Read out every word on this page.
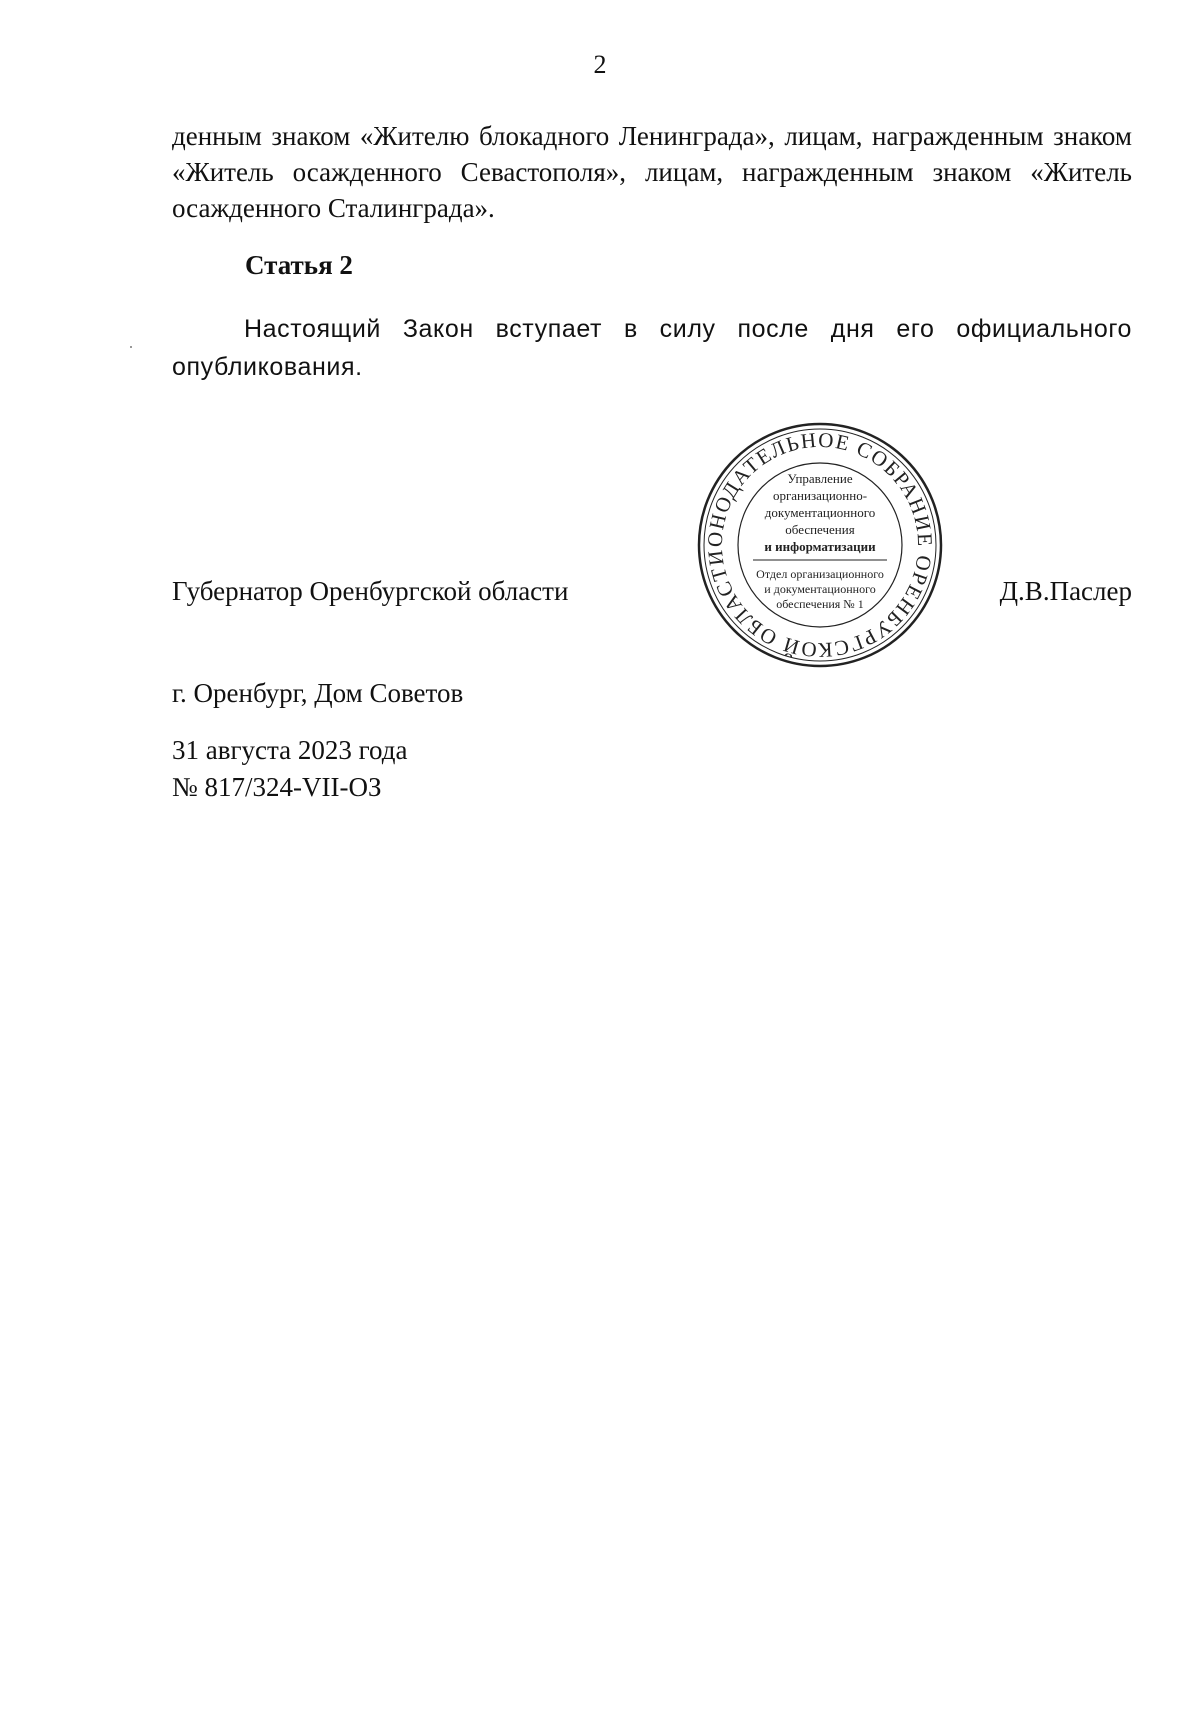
2

денным знаком «Жителю блокадного Ленинграда», лицам, награжденным знаком «Житель осажденного Севастополя», лицам, награжденным знаком «Житель осажденного Сталинграда».

Статья 2

Настоящий Закон вступает в силу после дня его официального опубликования.

Губернатор Оренбургской области	Д.В.Паслер
ОНОДАТЕЛЬНОЕ СОБРАНИЕ ОРЕНБУРГСКОЙ ОБЛАСТИ
Управление
организационно-
документационного
обеспечения
и информатизации
Отдел организационного
и документационного
обеспечения № 1
г. Оренбург, Дом Советов
31 августа 2023 года
№ 817/324-VII-ОЗ
